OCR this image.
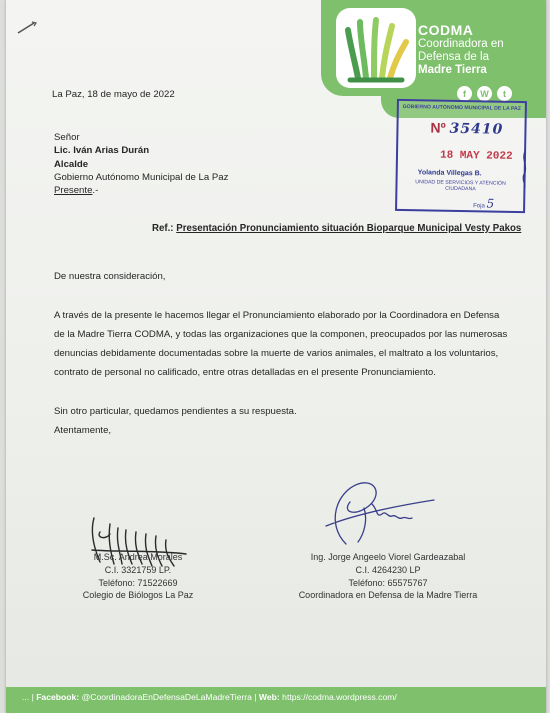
CODMA
Coordinadora en
Defensa de la
Madre Tierra
f	W	t
La Paz, 18 de mayo de 2022
Señor
Lic. Iván Arias Durán
Alcalde
Gobierno Autónomo Municipal de La Paz
Presente.-
Ref.: Presentación Pronunciamiento situación Bioparque Municipal Vesty Pakos
De nuestra consideración,
A través de la presente le hacemos llegar el Pronunciamiento elaborado por la Coordinadora en Defensa
de la Madre Tierra CODMA, y todas las organizaciones que la componen, preocupados por las numerosas
denuncias debidamente documentadas sobre la muerte de varios animales, el maltrato a los voluntarios,
contrato de personal no calificado, entre otras detalladas en el presente Pronunciamiento.
Sin otro particular, quedamos pendientes a su respuesta.
Atentamente,
GOBIERNO AUTÓNOMO MUNICIPAL DE LA PAZ
Nº 35410
18 MAY 2022
Yolanda Villegas B.
UNIDAD DE SERVICIOS Y ATENCIÓN CIUDADANA
Foja 5
M.Sc. Andrea Morales
C.I. 3321759 LP.
Teléfono: 71522669
Colegio de Biólogos La Paz
Ing. Jorge Angeelo Viorel Gardeazabal
C.I. 4264230 LP
Teléfono: 65575767
Coordinadora en Defensa de la Madre Tierra
... | Facebook: @CoordinadoraEnDefensaDeLaMadreTierra | Web: https://codma.wordpress.com/
